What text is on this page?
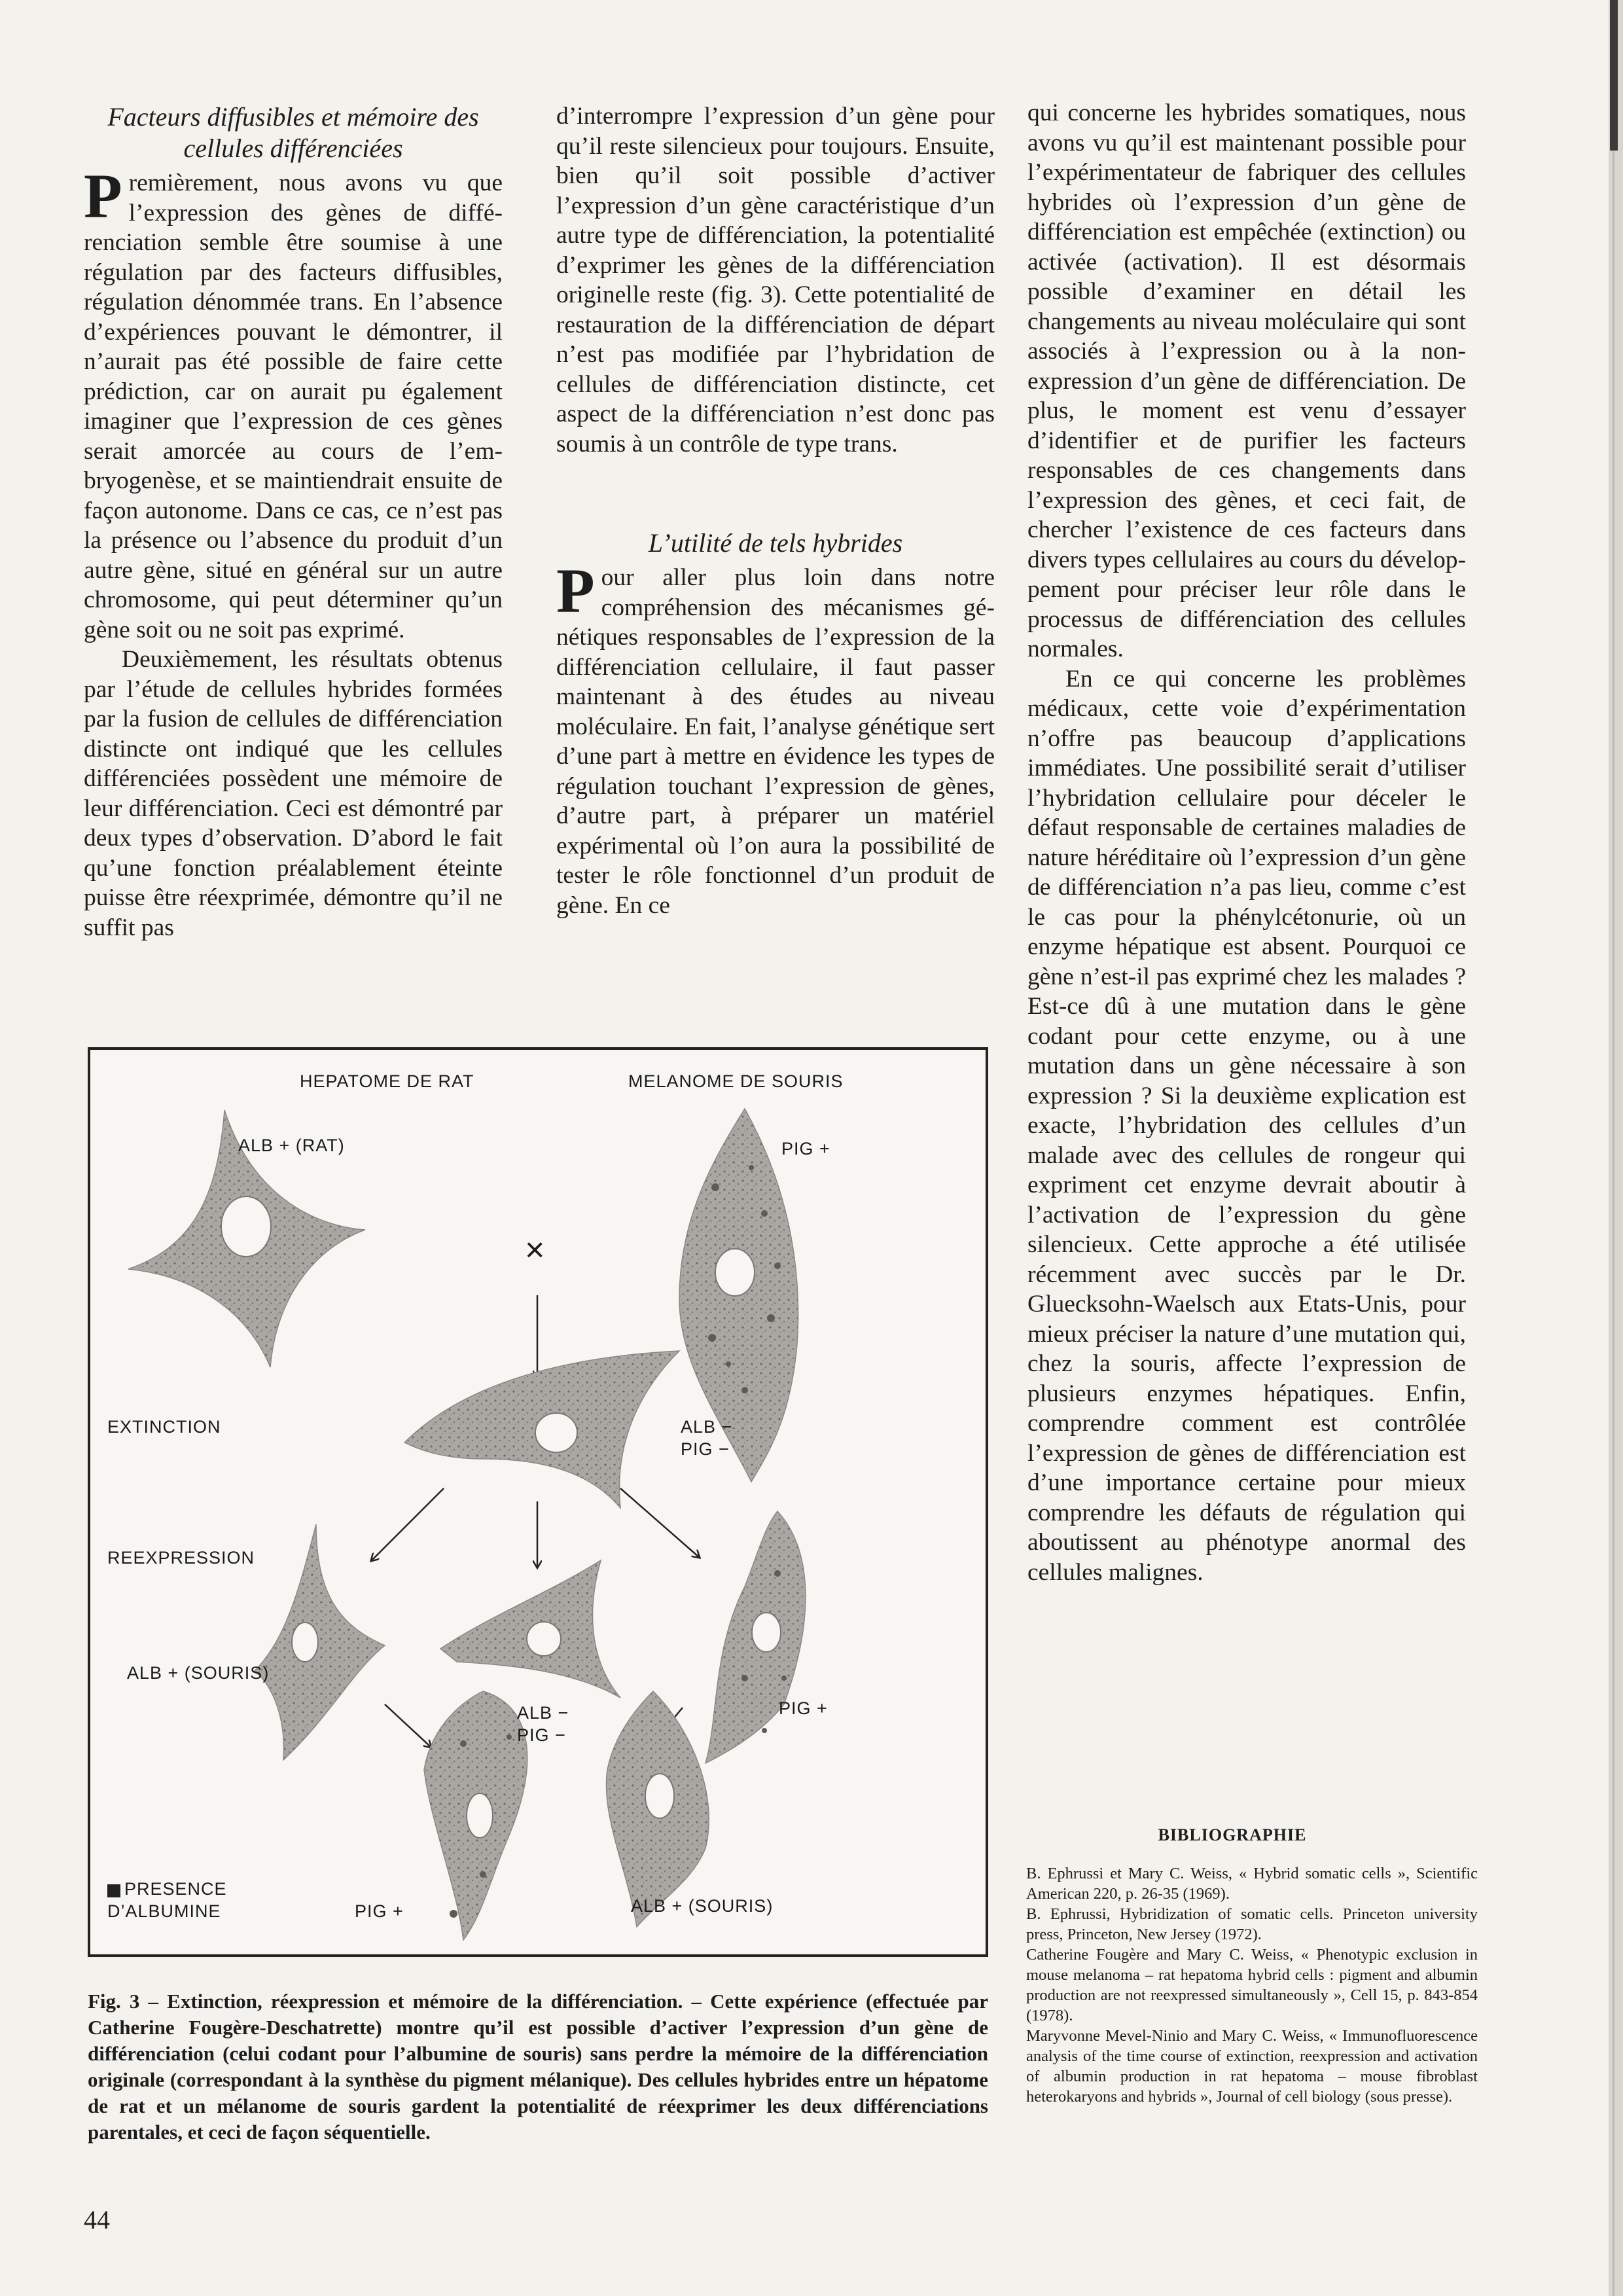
Facteurs diffusibles et mémoire des cellules différenciées

Premièrement, nous avons vu que l’expression des gènes de différenciation semble être soumise à une régulation par des facteurs diffusibles, régulation dénommée trans. En l’absence d’expériences pouvant le démontrer, il n’aurait pas été possible de faire cette prédiction, car on aurait pu également imaginer que l’expression de ces gènes serait amorcée au cours de l’embryogenèse, et se maintiendrait ensuite de façon autonome. Dans ce cas, ce n’est pas la présence ou l’absence du produit d’un autre gène, situé en général sur un autre chromosome, qui peut déterminer qu’un gène soit ou ne soit pas exprimé.

Deuxièmement, les résultats obtenus par l’étude de cellules hybrides formées par la fusion de cellules de différenciation distincte ont indiqué que les cellules différenciées possèdent une mémoire de leur différenciation. Ceci est démontré par deux types d’observation. D’abord le fait qu’une fonction préalablement éteinte puisse être réexprimée, démontre qu’il ne suffit pas

d’interrompre l’expression d’un gène pour qu’il reste silencieux pour toujours. Ensuite, bien qu’il soit possible d’activer l’expression d’un gène caractéristique d’un autre type de différenciation, la potentialité d’exprimer les gènes de la différenciation originelle reste (fig. 3). Cette potentialité de restauration de la différenciation de départ n’est pas modifiée par l’hybridation de cellules de différenciation distincte, cet aspect de la différenciation n’est donc pas soumis à un contrôle de type trans.

L’utilité de tels hybrides

Pour aller plus loin dans notre compréhension des mécanismes génétiques responsables de l’expression de la différenciation cellulaire, il faut passer maintenant à des études au niveau moléculaire. En fait, l’analyse génétique sert d’une part à mettre en évidence les types de régulation touchant l’expression de gènes, d’autre part, à préparer un matériel expérimental où l’on aura la possibilité de tester le rôle fonctionnel d’un produit de gène. En ce

qui concerne les hybrides somatiques, nous avons vu qu’il est maintenant possible pour l’expérimentateur de fabriquer des cellules hybrides où l’expression d’un gène de différenciation est empêchée (extinction) ou activée (activation). Il est désormais possible d’examiner en détail les changements au niveau moléculaire qui sont associés à l’expression ou à la non-expression d’un gène de différenciation. De plus, le moment est venu d’essayer d’identifier et de purifier les facteurs responsables de ces changements dans l’expression des gènes, et ceci fait, de chercher l’existence de ces facteurs dans divers types cellulaires au cours du développement pour préciser leur rôle dans le processus de différenciation des cellules normales.

En ce qui concerne les problèmes médicaux, cette voie d’expérimentation n’offre pas beaucoup d’applications immédiates. Une possibilité serait d’utiliser l’hybridation cellulaire pour déceler le défaut responsable de certaines maladies de nature héréditaire où l’expression d’un gène de différenciation n’a pas lieu, comme c’est le cas pour la phénylcétonurie, où un enzyme hépatique est absent. Pourquoi ce gène n’est-il pas exprimé chez les malades ? Est-ce dû à une mutation dans le gène codant pour cette enzyme, ou à une mutation dans un gène nécessaire à son expression ? Si la deuxième explication est exacte, l’hybridation des cellules d’un malade avec des cellules de rongeur qui expriment cet enzyme devrait aboutir à l’activation de l’expression du gène silencieux. Cette approche a été utilisée récemment avec succès par le Dr. Gluecksohn-Waelsch aux Etats-Unis, pour mieux préciser la nature d’une mutation qui, chez la souris, affecte l’expression de plusieurs enzymes hépatiques. Enfin, comprendre comment est contrôlée l’expression de gènes de différenciation est d’une importance certaine pour mieux comprendre les défauts de régulation qui aboutissent au phénotype anormal des cellules malignes.

HEPATOME DE RAT	MELANOME DE SOURIS
ALB + (RAT)	PIG +
×
EXTINCTION	ALB −
PIG −
REEXPRESSION
ALB + (SOURIS)
ALB −
PIG −
PIG +
PRESENCE
D’ALBUMINE	PIG +	ALB + (SOURIS)
Fig. 3 – Extinction, réexpression et mémoire de la différenciation. – Cette expérience (effectuée par Catherine Fougère-Deschatrette) montre qu’il est possible d’activer l’expression d’un gène de différenciation (celui codant pour l’albumine de souris) sans perdre la mémoire de la différenciation originale (correspondant à la synthèse du pigment mélanique). Des cellules hybrides entre un hépatome de rat et un mélanome de souris gardent la potentialité de réexprimer les deux différenciations parentales, et ceci de façon séquentielle.
BIBLIOGRAPHIE

B. Ephrussi et Mary C. Weiss, « Hybrid somatic cells », Scientific American 220, p. 26-35 (1969).

B. Ephrussi, Hybridization of somatic cells. Princeton university press, Princeton, New Jersey (1972).

Catherine Fougère and Mary C. Weiss, « Phenotypic exclusion in mouse melanoma – rat hepatoma hybrid cells : pigment and albumin production are not reexpressed simultaneously », Cell 15, p. 843-854 (1978).

Maryvonne Mevel-Ninio and Mary C. Weiss, « Immunofluorescence analysis of the time course of extinction, reexpression and activation of albumin production in rat hepatoma – mouse fibroblast heterokaryons and hybrids », Journal of cell biology (sous presse).

44
